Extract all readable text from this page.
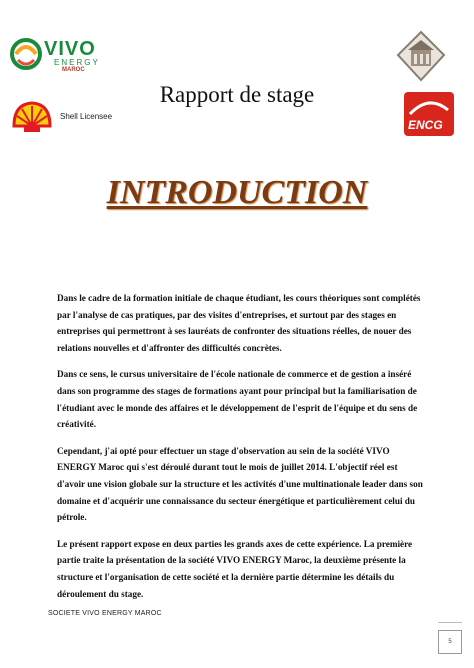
VIVO
ENERGY
MAROC
Shell Licensee
ENCG
Rapport de stage
INTRODUCTION

Dans le cadre de la formation initiale de chaque étudiant, les cours théoriques sont complétés par l'analyse de cas pratiques, par des visites d'entreprises, et surtout par des stages en entreprises qui permettront à ses lauréats de confronter des situations réelles, de nouer des relations nouvelles et d'affronter des difficultés concrètes.

Dans ce sens, le cursus universitaire de l'école nationale de commerce et de gestion a inséré dans son programme des stages de formations ayant pour principal but la familiarisation de l'étudiant avec le monde des affaires et le développement de l'esprit de l'équipe et du sens de créativité.

Cependant, j'ai opté pour effectuer un stage d'observation au sein de la société VIVO ENERGY Maroc qui s'est déroulé durant tout le mois de juillet 2014. L'objectif réel est d'avoir une vision globale sur la structure et les activités d'une multinationale leader dans son domaine et d'acquérir une connaissance du secteur énergétique et particulièrement celui du pétrole.

Le présent rapport expose en deux parties les grands axes de cette expérience. La première partie traite la présentation de la société VIVO ENERGY Maroc, la deuxième présente la structure et l'organisation de cette société et la dernière partie détermine les détails du déroulement du stage.

SOCIETE VIVO ENERGY MAROC
5
